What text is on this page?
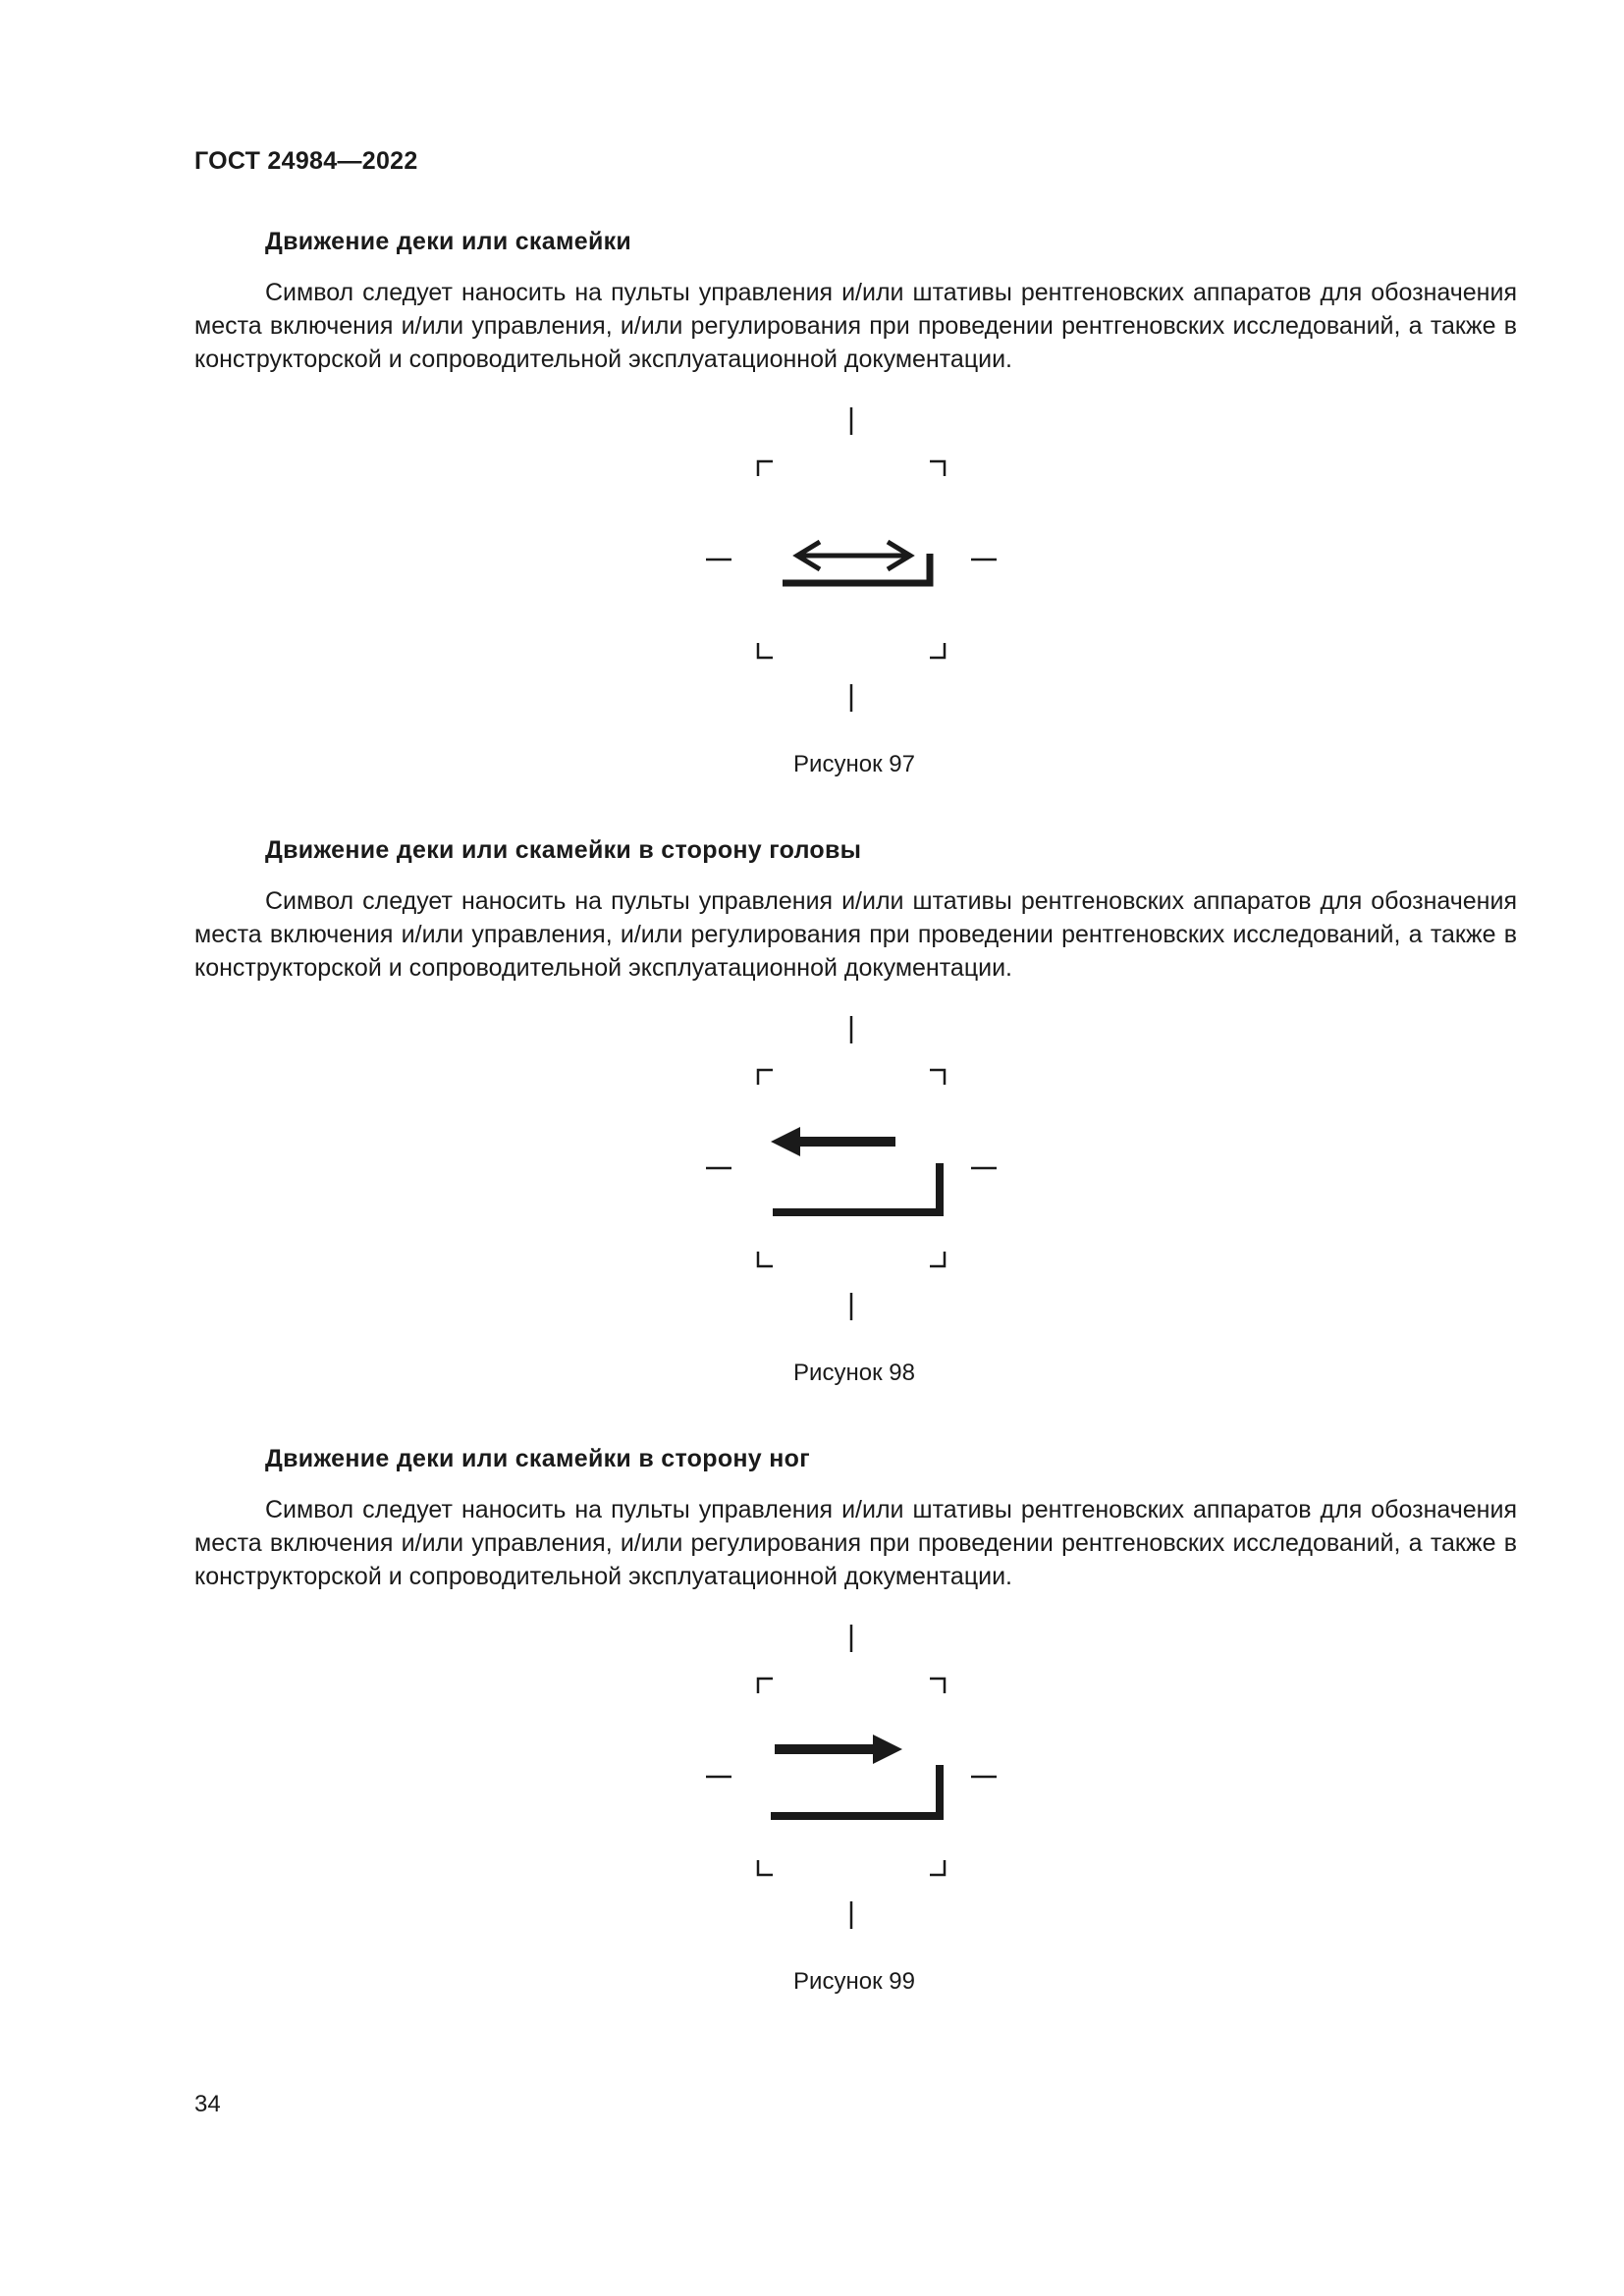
ГОСТ 24984—2022
Движение деки или скамейки

Символ следует наносить на пульты управления и/или штативы рентгеновских аппаратов для обозначения места включения и/или управления, и/или регулирования при проведении рентгеновских исследований, а также в конструкторской и сопроводительной эксплуатационной документации.

Рисунок 97
Движение деки или скамейки в сторону головы

Символ следует наносить на пульты управления и/или штативы рентгеновских аппаратов для обозначения места включения и/или управления, и/или регулирования при проведении рентгеновских исследований, а также в конструкторской и сопроводительной эксплуатационной документации.

Рисунок 98
Движение деки или скамейки в сторону ног

Символ следует наносить на пульты управления и/или штативы рентгеновских аппаратов для обозначения места включения и/или управления, и/или регулирования при проведении рентгеновских исследований, а также в конструкторской и сопроводительной эксплуатационной документации.

Рисунок 99
34
